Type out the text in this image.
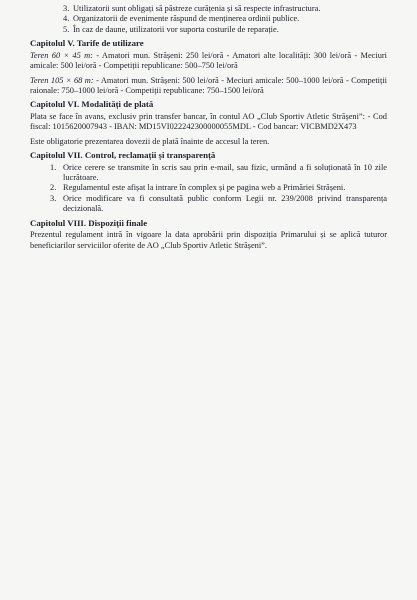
3. Utilizatorii sunt obligați să păstreze curățenia și să respecte infrastructura.
4. Organizatorii de evenimente răspund de menținerea ordinii publice.
5. În caz de daune, utilizatorii vor suporta costurile de reparație.
Capitolul V. Tarife de utilizare

Teren 60 × 45 m: - Amatori mun. Strășeni: 250 lei/oră - Amatori alte localități: 300 lei/oră - Meciuri amicale: 500 lei/oră - Competiții republicane: 500–750 lei/oră

Teren 105 × 68 m: - Amatori mun. Strășeni: 500 lei/oră - Meciuri amicale: 500–1000 lei/oră - Competiții raionale: 750–1000 lei/oră - Competiții republicane: 750–1500 lei/oră

Capitolul VI. Modalități de plată

Plata se face în avans, exclusiv prin transfer bancar, în contul AO „Club Sportiv Atletic Strășeni”: - Cod fiscal: 1015620007943 - IBAN: MD15VI022242300000055MDL - Cod bancar: VICBMD2X473

Este obligatorie prezentarea dovezii de plată înainte de accesul la teren.

Capitolul VII. Control, reclamații și transparență
1. Orice cerere se transmite în scris sau prin e-mail, sau fizic, urmând a fi soluționată în 10 zile lucrătoare.
2. Regulamentul este afișat la intrare în complex și pe pagina web a Primăriei Strășeni.
3. Orice modificare va fi consultată public conform Legii nr. 239/2008 privind transparența decizională.
Capitolul VIII. Dispoziții finale

Prezentul regulament intră în vigoare la data aprobării prin dispoziția Primarului și se aplică tuturor beneficiarilor serviciilor oferite de AO „Club Sportiv Atletic Strășeni”.
